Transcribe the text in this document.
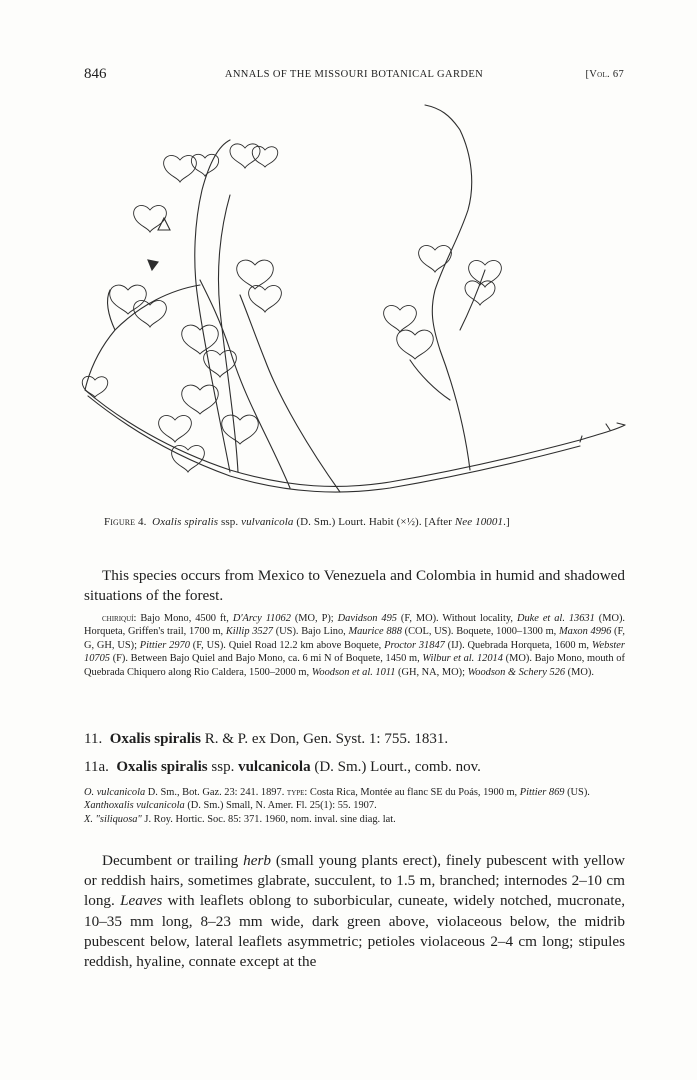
846	ANNALS OF THE MISSOURI BOTANICAL GARDEN	[Vol. 67
Figure 4. Oxalis spiralis ssp. vulvanicola (D. Sm.) Lourt. Habit (×½). [After Nee 10001.]

This species occurs from Mexico to Venezuela and Colombia in humid and shadowed situations of the forest.

chiriquí: Bajo Mono, 4500 ft, D'Arcy 11062 (MO, P); Davidson 495 (F, MO). Without locality, Duke et al. 13631 (MO). Horqueta, Griffen's trail, 1700 m, Killip 3527 (US). Bajo Lino, Maurice 888 (COL, US). Boquete, 1000–1300 m, Maxon 4996 (F, G, GH, US); Pittier 2970 (F, US). Quiel Road 12.2 km above Boquete, Proctor 31847 (IJ). Quebrada Horqueta, 1600 m, Webster 10705 (F). Between Bajo Quiel and Bajo Mono, ca. 6 mi N of Boquete, 1450 m, Wilbur et al. 12014 (MO). Bajo Mono, mouth of Quebrada Chiquero along Rio Caldera, 1500–2000 m, Woodson et al. 1011 (GH, NA, MO); Woodson & Schery 526 (MO).

11. Oxalis spiralis R. & P. ex Don, Gen. Syst. 1: 755. 1831.
11a. Oxalis spiralis ssp. vulcanicola (D. Sm.) Lourt., comb. nov.

O. vulcanicola D. Sm., Bot. Gaz. 23: 241. 1897. type: Costa Rica, Montée au flanc SE du Poás, 1900 m, Pittier 869 (US).

Xanthoxalis vulcanicola (D. Sm.) Small, N. Amer. Fl. 25(1): 55. 1907.

X. "siliquosa" J. Roy. Hortic. Soc. 85: 371. 1960, nom. inval. sine diag. lat.

Decumbent or trailing herb (small young plants erect), finely pubescent with yellow or reddish hairs, sometimes glabrate, succulent, to 1.5 m, branched; internodes 2–10 cm long. Leaves with leaflets oblong to suborbicular, cuneate, widely notched, mucronate, 10–35 mm long, 8–23 mm wide, dark green above, violaceous below, the midrib pubescent below, lateral leaflets asymmetric; petioles violaceous 2–4 cm long; stipules reddish, hyaline, connate except at the
